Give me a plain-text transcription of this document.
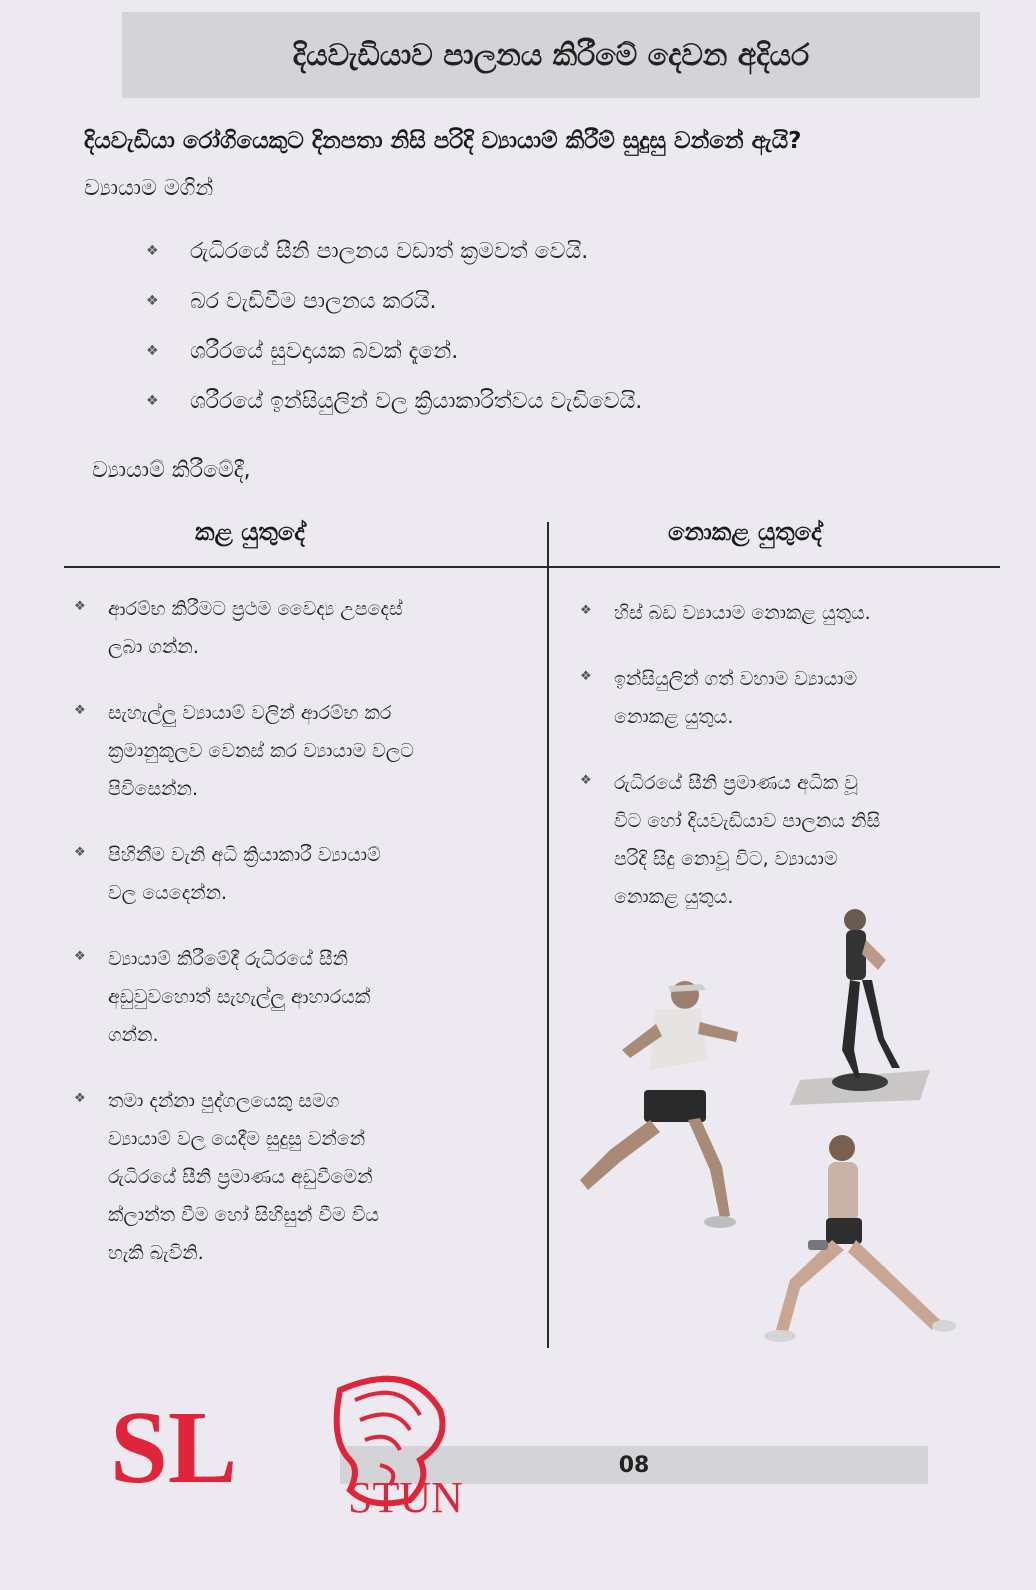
දියවැඩියාව පාලනය කිරීමේ දෙවන අදියර
දියවැඩියා රෝගියෙකුට දිනපතා නිසි පරිදි ව්‍යායාම් කිරීම් සුදුසු වන්නේ ඇයි?
ව්‍යායාම මගින්
❖	රුධිරයේ සීනි පාලනය වඩාත් ක්‍රමවත් වෙයි.
❖	බර වැඩිවීම පාලනය කරයි.
❖	ශරීරයේ සුවදායක බවක් දැනේ.
❖	ශරීරයේ ඉන්සියුලින් වල ක්‍රියාකාරිත්වය වැඩිවෙයි.
ව්‍යායාම් කිරීමේදී,
කළ යුතුදේ	නොකළ යුතුදේ
❖	ආරම්භ කිරීමට ප්‍රථම වෛද්‍ය උපදෙස්
ලබා ගන්න.
❖	සැහැල්ලු ව්‍යායාම් වලින් ආරම්භ කර
ක්‍රමානුකූලව වෙනස් කර ව්‍යායාම වලට
පිවිසෙන්න.
❖	පිහිනීම වැනි අධි ක්‍රියාකාරී ව්‍යායාම්
වල යෙදෙන්න.
❖	ව්‍යායාම් කිරීමේදී රුධිරයේ සීනි
අඩුවුවහොත් සැහැල්ලු ආහාරයක්
ගන්න.
❖	තමා දන්නා පුද්ගලයෙකු සමග
ව්‍යායාම් වල යෙදීම සුදුසු වන්නේ
රුධිරයේ සීනි ප්‍රමාණය අඩුවීමෙන්
ක්ලාන්ත වීම හෝ සිහිසුන් වීම විය
හැකි බැවිනි.
❖	හිස් බඩ ව්‍යායාම නොකළ යුතුය.
❖	ඉන්සියුලින් ගත් වහාම ව්‍යායාම
නොකළ යුතුය.
❖	රුධිරයේ සීනි ප්‍රමාණය අධික වූ
විට හෝ දියවැඩියාව පාලනය නිසි
පරිදි සිදු නොවූ විට, ව්‍යායාම
නොකළ යුතුය.
08
SL	STUN
